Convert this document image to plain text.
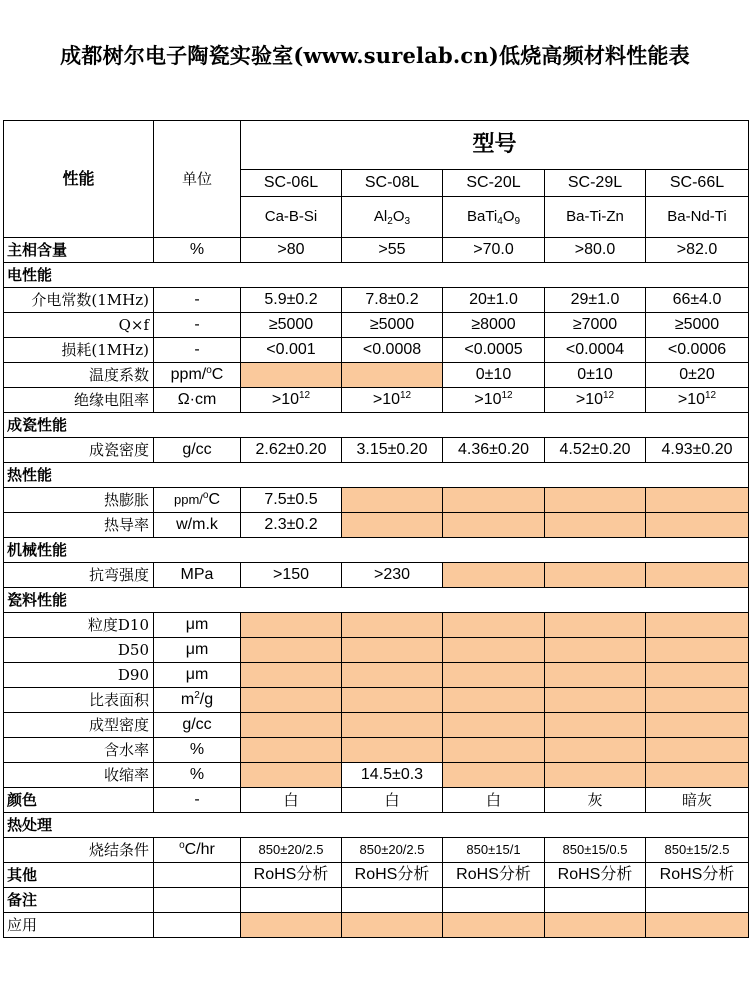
成都树尔电子陶瓷实验室(www.surelab.cn)低烧高频材料性能表
性能	单位	型号				
		SC-06L	SC-08L	SC-20L	SC-29L	SC-66L
		Ca-B-Si	$Al_2O_3$	$BaTi_4O_9$	Ba-Ti-Zn	Ba-Nd-Ti
主相含量	%	>80	>55	>70.0	>80.0	>82.0
电性能						
介电常数(1MHz)	-	5.9±0.2	7.8±0.2	20±1.0	29±1.0	66±4.0
Q×f	-	≥5000	≥5000	≥8000	≥7000	≥5000
损耗(1MHz)	-	<0.001	<0.0008	<0.0005	<0.0004	<0.0006
温度系数	ppm/$^o$C			0±10	0±10	0±20
绝缘电阻率	Ω·cm	$>10^{12}$	$>10^{12}$	$>10^{12}$	$>10^{12}$	$>10^{12}$
成瓷性能						
成瓷密度	g/cc	2.62±0.20	3.15±0.20	4.36±0.20	4.52±0.20	4.93±0.20
热性能						
热膨胀	ppm/$^o$C	7.5±0.5				
热导率	w/m.k	2.3±0.2				
机械性能						
抗弯强度	MPa	>150	>230			
瓷料性能						
粒度D10	μm					
D50	μm					
D90	μm					
比表面积	$m^2/g$					
成型密度	g/cc					
含水率	%					
收缩率	%		14.5±0.3			
颜色	-	白	白	白	灰	暗灰
热处理						
烧结条件	$^o$C/hr	850±20/2.5	850±20/2.5	850±15/1	850±15/0.5	850±15/2.5
其他		RoHS分析	RoHS分析	RoHS分析	RoHS分析	RoHS分析
备注						
应用						
